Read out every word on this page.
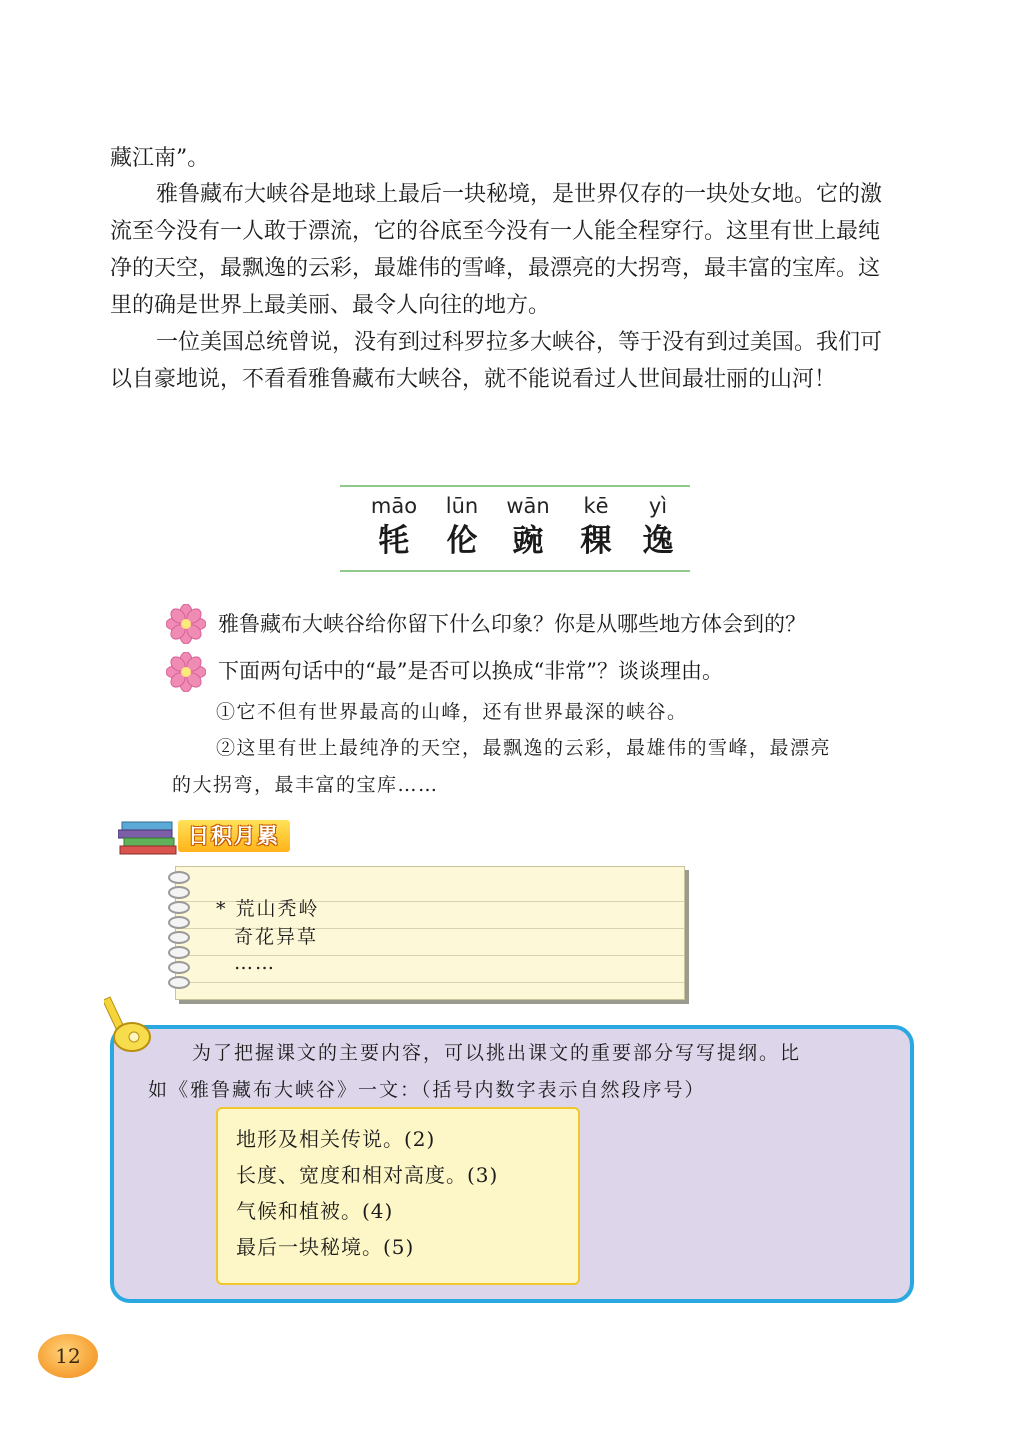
藏江南”。
雅鲁藏布大峡谷是地球上最后一块秘境，是世界仅存的一块处女地。它的激
流至今没有一人敢于漂流，它的谷底至今没有一人能全程穿行。这里有世上最纯
净的天空，最飘逸的云彩，最雄伟的雪峰，最漂亮的大拐弯，最丰富的宝库。这
里的确是世界上最美丽、最令人向往的地方。
一位美国总统曾说，没有到过科罗拉多大峡谷，等于没有到过美国。我们可
以自豪地说，不看看雅鲁藏布大峡谷，就不能说看过人世间最壮丽的山河！
māo
牦
lūn
伦
wān
豌
kē
稞
yì
逸
雅鲁藏布大峡谷给你留下什么印象？你是从哪些地方体会到的？
下面两句话中的“最”是否可以换成“非常”？谈谈理由。
①它不但有世界最高的山峰，还有世界最深的峡谷。
②这里有世上最纯净的天空，最飘逸的云彩，最雄伟的雪峰，最漂亮
的大拐弯，最丰富的宝库……
日积月累
* 荒山秃岭
奇花异草
……
为了把握课文的主要内容，可以挑出课文的重要部分写写提纲。比
如《雅鲁藏布大峡谷》一文：（括号内数字表示自然段序号）
地形及相关传说。(2)
长度、宽度和相对高度。(3)
气候和植被。(4)
最后一块秘境。(5)
12
